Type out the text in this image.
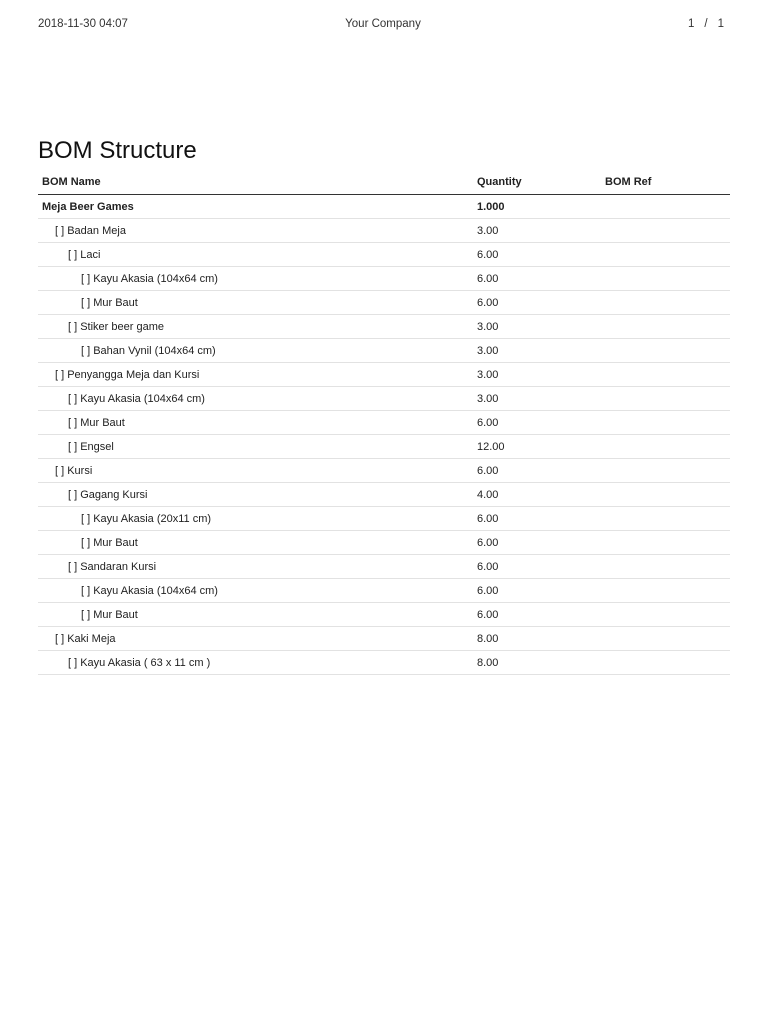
2018-11-30 04:07	Your Company	1 / 1
BOM Structure
BOM Name	Quantity	BOM Ref
Meja Beer Games	1.000	
[ ] Badan Meja	3.00	
[ ] Laci	6.00	
[ ] Kayu Akasia (104x64 cm)	6.00	
[ ] Mur Baut	6.00	
[ ] Stiker beer game	3.00	
[ ] Bahan Vynil (104x64 cm)	3.00	
[ ] Penyangga Meja dan Kursi	3.00	
[ ] Kayu Akasia (104x64 cm)	3.00	
[ ] Mur Baut	6.00	
[ ] Engsel	12.00	
[ ] Kursi	6.00	
[ ] Gagang Kursi	4.00	
[ ] Kayu Akasia (20x11 cm)	6.00	
[ ] Mur Baut	6.00	
[ ] Sandaran Kursi	6.00	
[ ] Kayu Akasia (104x64 cm)	6.00	
[ ] Mur Baut	6.00	
[ ] Kaki Meja	8.00	
[ ] Kayu Akasia ( 63 x 11 cm )	8.00	
